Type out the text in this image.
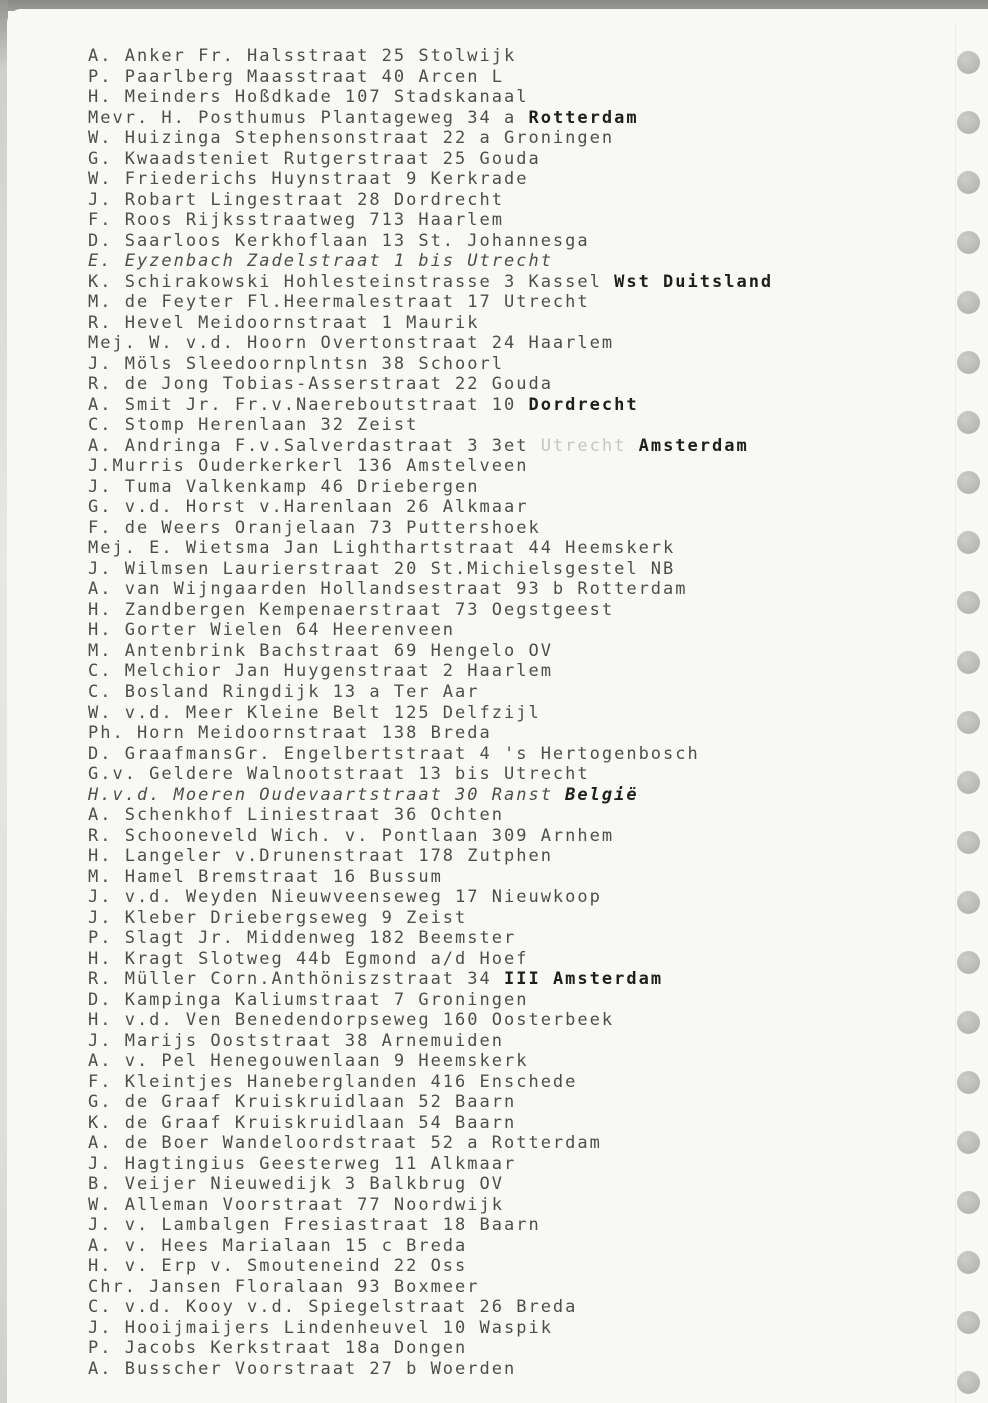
A. Anker Fr. Halsstraat 25 Stolwijk
P. Paarlberg Maasstraat 40 Arcen L
H. Meinders Hoßdkade 107 Stadskanaal
Mevr. H. Posthumus Plantageweg 34 a Rotterdam
W. Huizinga Stephensonstraat 22 a Groningen
G. Kwaadsteniet Rutgerstraat 25 Gouda
W. Friederichs Huynstraat 9 Kerkrade
J. Robart Lingestraat 28 Dordrecht
F. Roos Rijksstraatweg 713 Haarlem
D. Saarloos Kerkhoflaan 13 St. Johannesga
E. Eyzenbach Zadelstraat 1 bis Utrecht
K. Schirakowski Hohlesteinstrasse 3 Kassel Wst Duitsland
M. de Feyter Fl.Heermalestraat 17 Utrecht
R. Hevel Meidoornstraat 1 Maurik
Mej. W. v.d. Hoorn Overtonstraat 24 Haarlem
J. Möls Sleedoornplntsn 38 Schoorl
R. de Jong Tobias-Asserstraat 22 Gouda
A. Smit Jr. Fr.v.Naereboutstraat 10 Dordrecht
C. Stomp Herenlaan 32 Zeist
A. Andringa F.v.Salverdastraat 3 3et Utrecht Amsterdam
J.Murris Ouderkerkerl 136 Amstelveen
J. Tuma Valkenkamp 46 Driebergen
G. v.d. Horst v.Harenlaan 26 Alkmaar
F. de Weers Oranjelaan 73 Puttershoek
Mej. E. Wietsma Jan Lighthartstraat 44 Heemskerk
J. Wilmsen Laurierstraat 20 St.Michielsgestel NB
A. van Wijngaarden Hollandsestraat 93 b Rotterdam
H. Zandbergen Kempenaerstraat 73 Oegstgeest
H. Gorter Wielen 64 Heerenveen
M. Antenbrink Bachstraat 69 Hengelo OV
C. Melchior Jan Huygenstraat 2 Haarlem
C. Bosland Ringdijk 13 a Ter Aar
W. v.d. Meer Kleine Belt 125 Delfzijl
Ph. Horn Meidoornstraat 138 Breda
D. GraafmansGr. Engelbertstraat 4 's Hertogenbosch
G.v. Geldere Walnootstraat 13 bis Utrecht
H.v.d. Moeren Oudevaartstraat 30 Ranst België
A. Schenkhof Liniestraat 36 Ochten
R. Schooneveld Wich. v. Pontlaan 309 Arnhem
H. Langeler v.Drunenstraat 178 Zutphen
M. Hamel Bremstraat 16 Bussum
J. v.d. Weyden Nieuwveenseweg 17 Nieuwkoop
J. Kleber Driebergseweg 9 Zeist
P. Slagt Jr. Middenweg 182 Beemster
H. Kragt Slotweg 44b Egmond a/d Hoef
R. Müller Corn.Anthöniszstraat 34 III Amsterdam
D. Kampinga Kaliumstraat 7 Groningen
H. v.d. Ven Benedendorpseweg 160 Oosterbeek
J. Marijs Ooststraat 38 Arnemuiden
A. v. Pel Henegouwenlaan 9 Heemskerk
F. Kleintjes Haneberglanden 416 Enschede
G. de Graaf Kruiskruidlaan 52 Baarn
K. de Graaf Kruiskruidlaan 54 Baarn
A. de Boer Wandeloordstraat 52 a Rotterdam
J. Hagtingius Geesterweg 11 Alkmaar
B. Veijer Nieuwedijk 3 Balkbrug OV
W. Alleman Voorstraat 77 Noordwijk
J. v. Lambalgen Fresiastraat 18 Baarn
A. v. Hees Marialaan 15 c Breda
H. v. Erp v. Smouteneind 22 Oss
Chr. Jansen Floralaan 93 Boxmeer
C. v.d. Kooy v.d. Spiegelstraat 26 Breda
J. Hooijmaijers Lindenheuvel 10 Waspik
P. Jacobs Kerkstraat 18a Dongen
A. Busscher Voorstraat 27 b Woerden
